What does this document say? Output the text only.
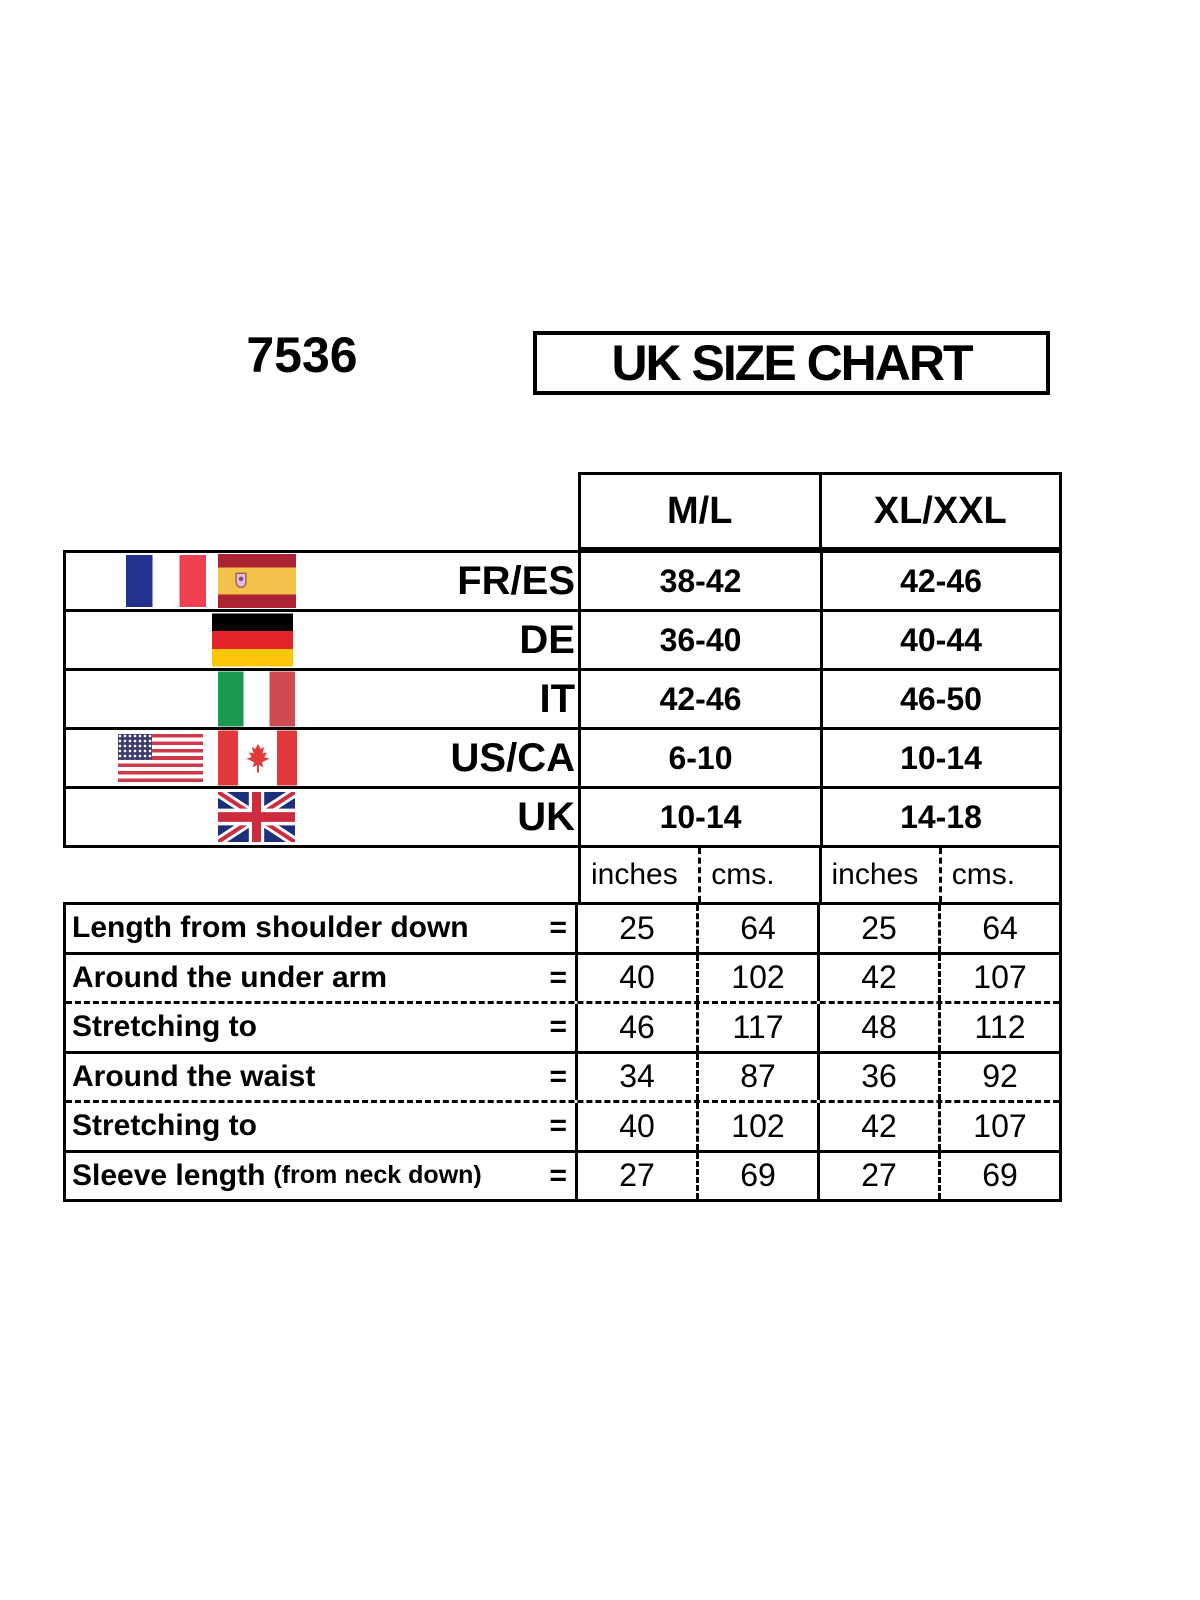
7536	UK SIZE CHART
M/L	XL/XXL
FR/ES	38-42	42-46
DE	36-40	40-44
IT	42-46	46-50
US/CA	6-10	10-14
UK	10-14	14-18
inches	cms.	inches	cms.
Length from shoulder down	=	25	64	25	64
Around the under arm	=	40	102	42	107
Stretching to	=	46	117	48	112
Around the waist	=	34	87	36	92
Stretching to	=	40	102	42	107
Sleeve length (from neck down) =	27	69	27	69
